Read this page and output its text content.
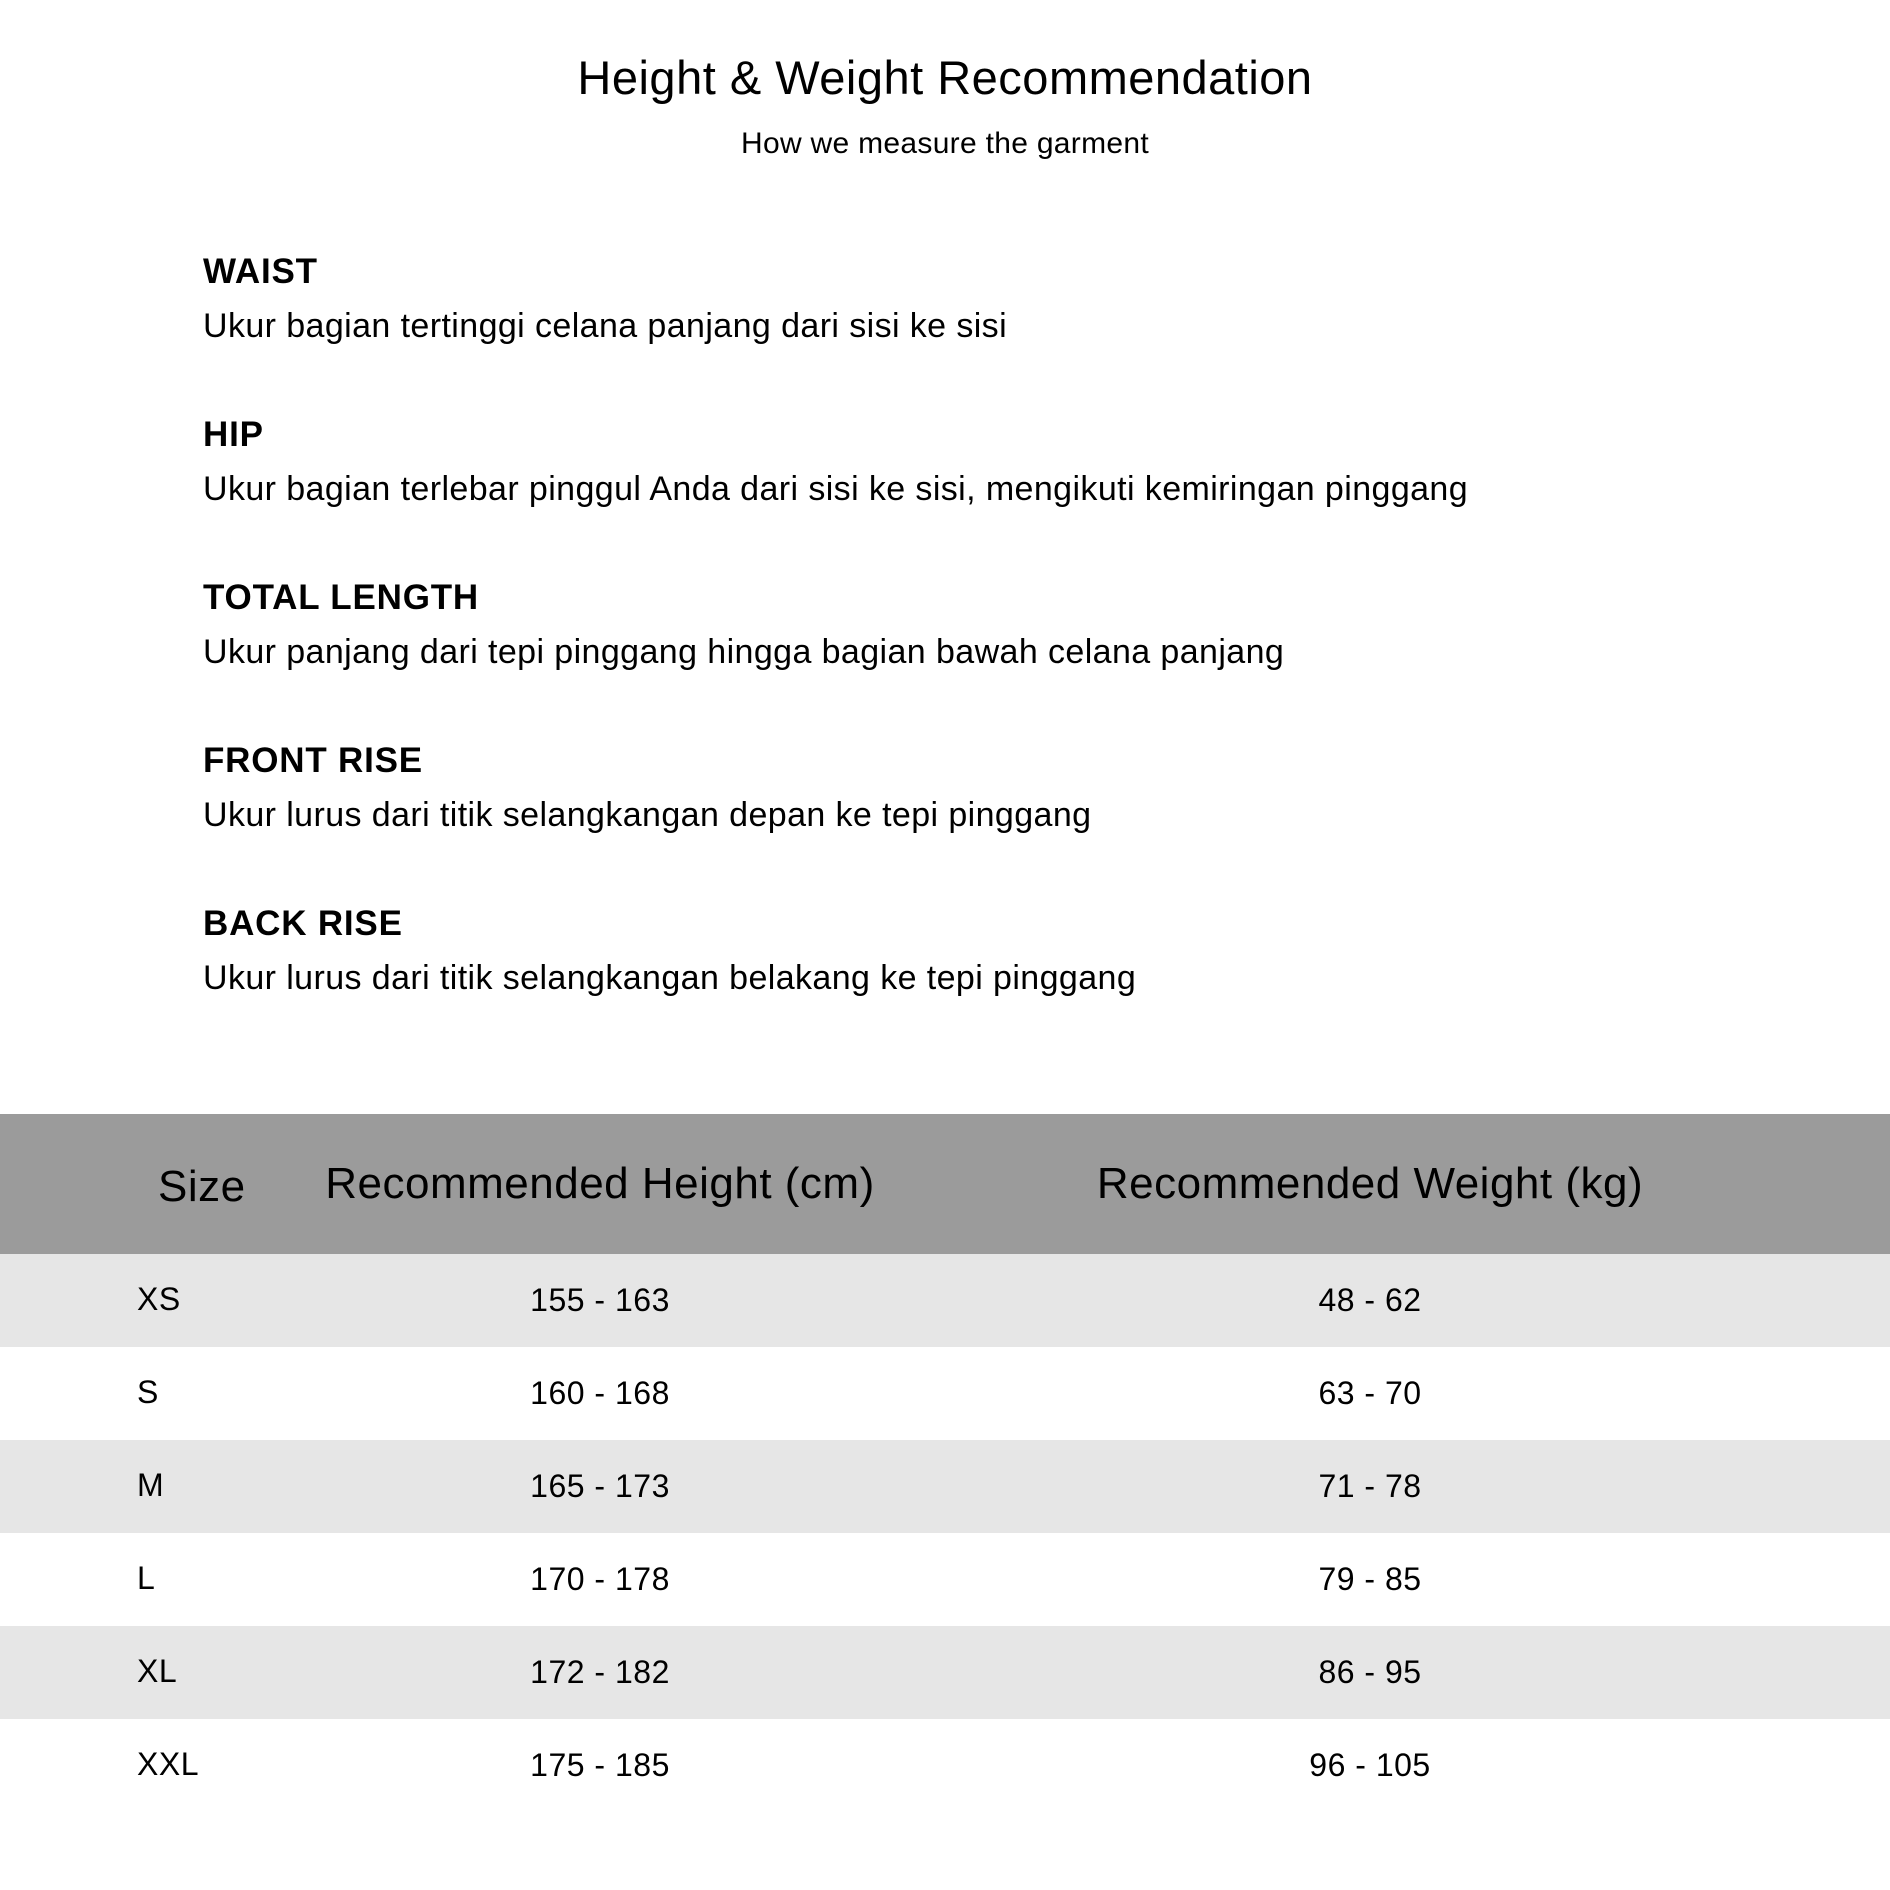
Height & Weight Recommendation
How we measure the garment
WAIST
Ukur bagian tertinggi celana panjang dari sisi ke sisi
HIP
Ukur bagian terlebar pinggul Anda dari sisi ke sisi, mengikuti kemiringan pinggang
TOTAL LENGTH
Ukur panjang dari tepi pinggang hingga bagian bawah celana panjang
FRONT RISE
Ukur lurus dari titik selangkangan depan ke tepi pinggang
BACK RISE
Ukur lurus dari titik selangkangan belakang ke tepi pinggang
Size	Recommended Height (cm)	Recommended Weight (kg)
XS	155 - 163	48 - 62
S	160 - 168	63 - 70
M	165 - 173	71 - 78
L	170 - 178	79 - 85
XL	172 - 182	86 - 95
XXL	175 - 185	96 - 105
